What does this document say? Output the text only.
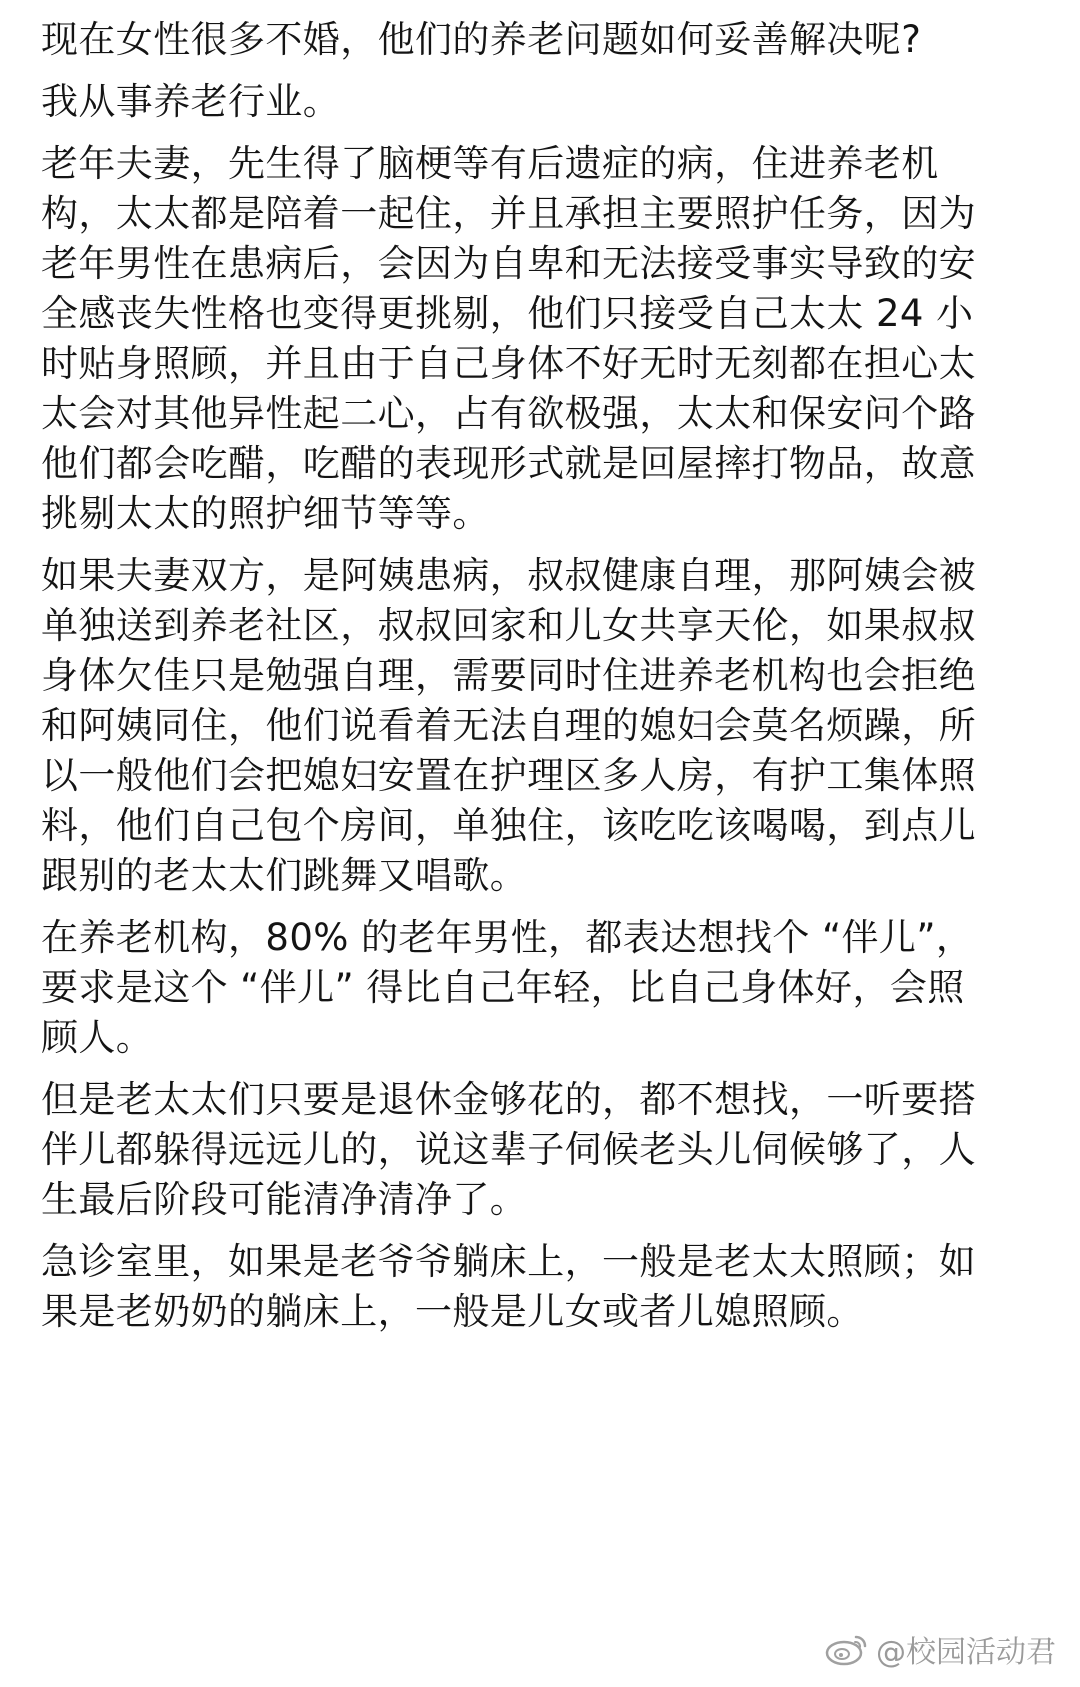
现在女性很多不婚，他们的养老问题如何妥善解决呢?

我从事养老行业。

老年夫妻，先生得了脑梗等有后遗症的病，住进养老机
构，太太都是陪着一起住，并且承担主要照护任务，因为
老年男性在患病后，会因为自卑和无法接受事实导致的安
全感丧失性格也变得更挑剔，他们只接受自己太太 24 小
时贴身照顾，并且由于自己身体不好无时无刻都在担心太
太会对其他异性起二心，占有欲极强，太太和保安问个路
他们都会吃醋，吃醋的表现形式就是回屋摔打物品，故意
挑剔太太的照护细节等等。

如果夫妻双方，是阿姨患病，叔叔健康自理，那阿姨会被
单独送到养老社区，叔叔回家和儿女共享天伦，如果叔叔
身体欠佳只是勉强自理，需要同时住进养老机构也会拒绝
和阿姨同住，他们说看着无法自理的媳妇会莫名烦躁，所
以一般他们会把媳妇安置在护理区多人房，有护工集体照
料，他们自己包个房间，单独住，该吃吃该喝喝，到点儿
跟别的老太太们跳舞又唱歌。

在养老机构，80% 的老年男性，都表达想找个 “伴儿”，
要求是这个 “伴儿” 得比自己年轻，比自己身体好，会照
顾人。

但是老太太们只要是退休金够花的，都不想找，一听要搭
伴儿都躲得远远儿的，说这辈子伺候老头儿伺候够了，人
生最后阶段可能清净清净了。

急诊室里，如果是老爷爷躺床上，一般是老太太照顾；如
果是老奶奶的躺床上，一般是儿女或者儿媳照顾。

@校园活动君
